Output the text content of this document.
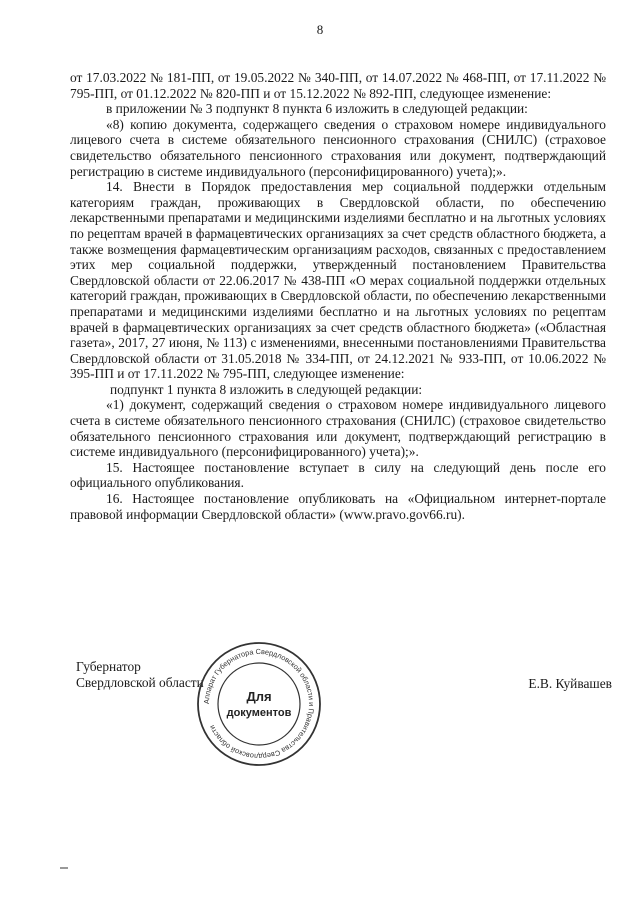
8

от 17.03.2022 № 181-ПП, от 19.05.2022 № 340-ПП, от 14.07.2022 № 468-ПП, от 17.11.2022 № 795-ПП, от 01.12.2022 № 820-ПП и от 15.12.2022 № 892-ПП, следующее изменение:

в приложении № 3 подпункт 8 пункта 6 изложить в следующей редакции:

«8) копию документа, содержащего сведения о страховом номере индивидуального лицевого счета в системе обязательного пенсионного страхования (СНИЛС) (страховое свидетельство обязательного пенсионного страхования или документ, подтверждающий регистрацию в системе индивидуального (персонифицированного) учета);».

14. Внести в Порядок предоставления мер социальной поддержки отдельным категориям граждан, проживающих в Свердловской области, по обеспечению лекарственными препаратами и медицинскими изделиями бесплатно и на льготных условиях по рецептам врачей в фармацевтических организациях за счет средств областного бюджета, а также возмещения фармацевтическим организациям расходов, связанных с предоставлением этих мер социальной поддержки, утвержденный постановлением Правительства Свердловской области от 22.06.2017 № 438-ПП «О мерах социальной поддержки отдельных категорий граждан, проживающих в Свердловской области, по обеспечению лекарственными препаратами и медицинскими изделиями бесплатно и на льготных условиях по рецептам врачей в фармацевтических организациях за счет средств областного бюджета» («Областная газета», 2017, 27 июня, № 113) с изменениями, внесенными постановлениями Правительства Свердловской области от 31.05.2018 № 334-ПП, от 24.12.2021 № 933-ПП, от 10.06.2022 № 395-ПП и от 17.11.2022 № 795-ПП, следующее изменение:

подпункт 1 пункта 8 изложить в следующей редакции:

«1) документ, содержащий сведения о страховом номере индивидуального лицевого счета в системе обязательного пенсионного страхования (СНИЛС) (страховое свидетельство обязательного пенсионного страхования или документ, подтверждающий регистрацию в системе индивидуального (персонифицированного) учета);».

15. Настоящее постановление вступает в силу на следующий день после его официального опубликования.

16. Настоящее постановление опубликовать на «Официальном интернет-портале правовой информации Свердловской области» (www.pravo.gov66.ru).

Губернатор
Свердловской области	Е.В. Куйвашев
Аппарат Губернатора Свердловской области и Правительства Свердловской области
Для
документов
